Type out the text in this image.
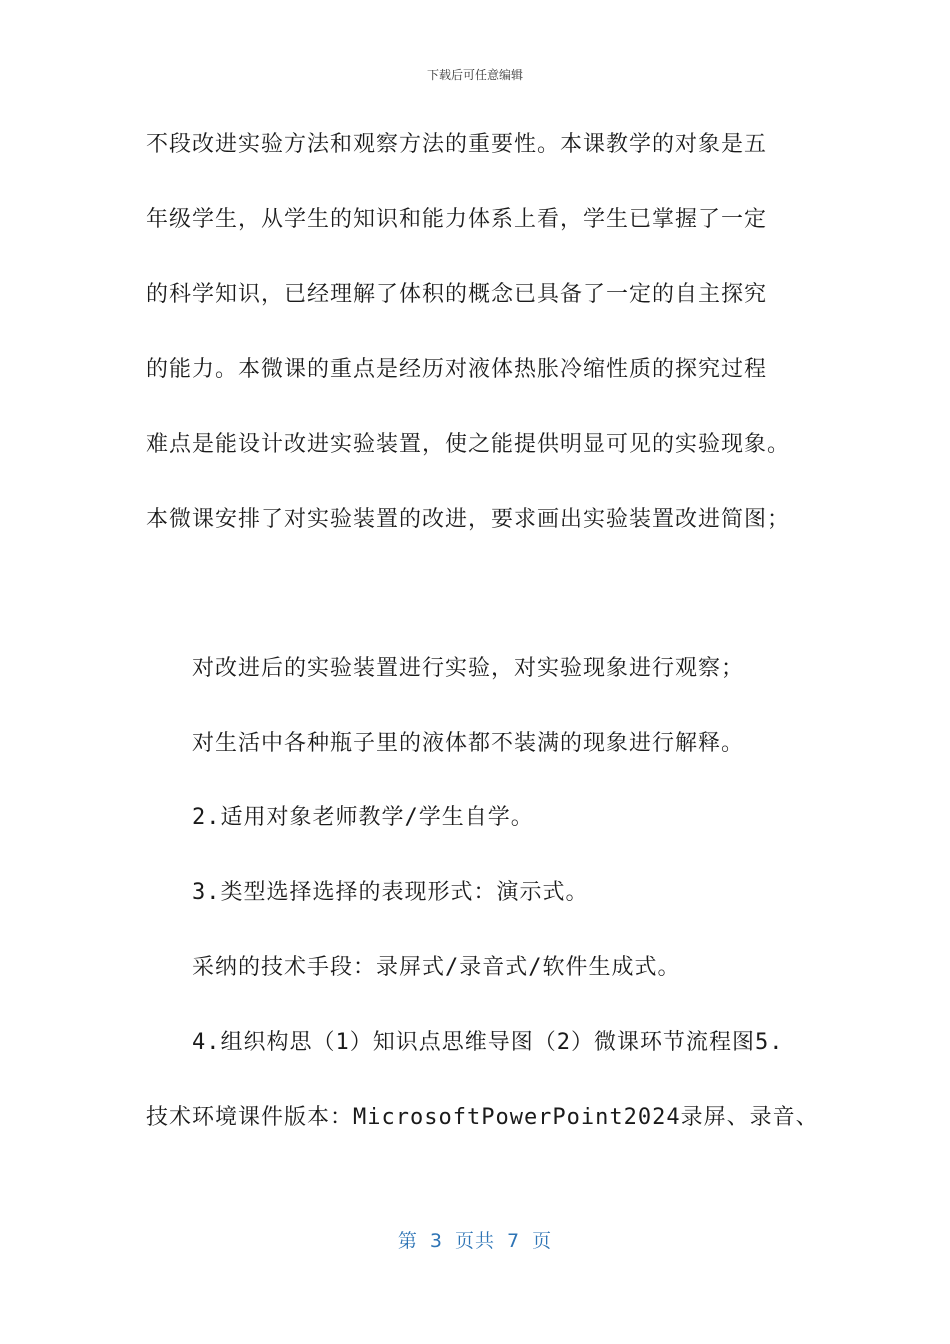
下载后可任意编辑
不段改进实验方法和观察方法的重要性。本课教学的对象是五
年级学生，从学生的知识和能力体系上看，学生已掌握了一定
的科学知识，已经理解了体积的概念已具备了一定的自主探究
的能力。本微课的重点是经历对液体热胀冷缩性质的探究过程
难点是能设计改进实验装置，使之能提供明显可见的实验现象。
本微课安排了对实验装置的改进，要求画出实验装置改进简图；
对改进后的实验装置进行实验，对实验现象进行观察；
对生活中各种瓶子里的液体都不装满的现象进行解释。
2.适用对象老师教学/学生自学。
3.类型选择选择的表现形式：演示式。
采纳的技术手段：录屏式/录音式/软件生成式。
4.组织构思（1）知识点思维导图（2）微课环节流程图5.
技术环境课件版本：MicrosoftPowerPoint2024录屏、录音、
第 3 页共 7 页
